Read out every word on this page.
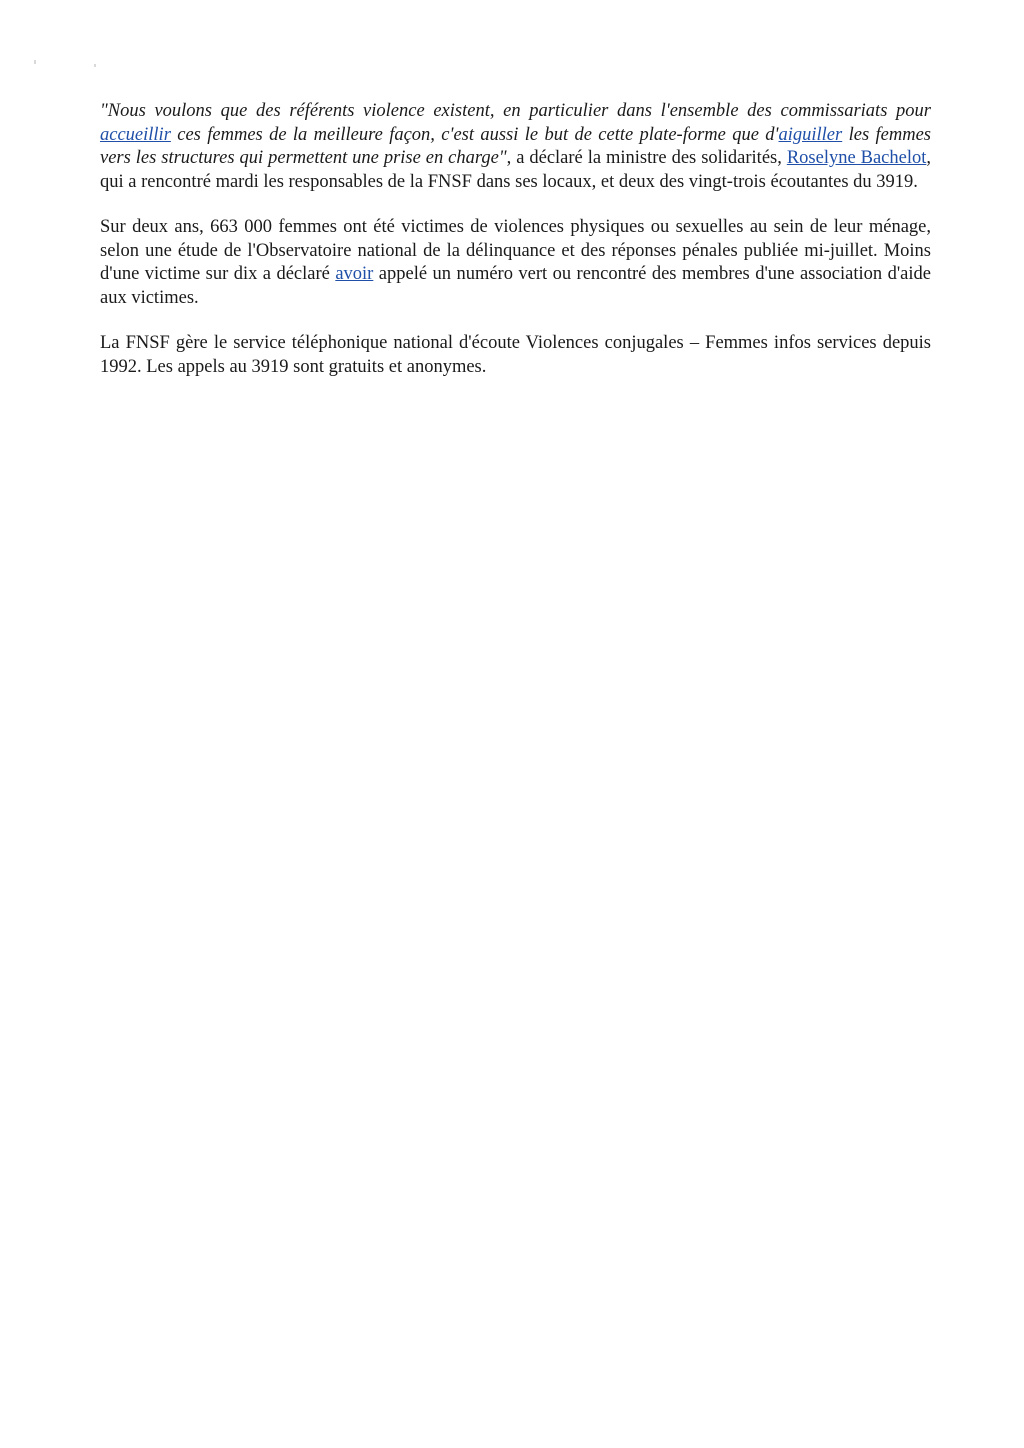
"Nous voulons que des référents violence existent, en particulier dans l'ensemble des commissariats pour accueillir ces femmes de la meilleure façon, c'est aussi le but de cette plate-forme que d'aiguiller les femmes vers les structures qui permettent une prise en charge", a déclaré la ministre des solidarités, Roselyne Bachelot, qui a rencontré mardi les responsables de la FNSF dans ses locaux, et deux des vingt-trois écoutantes du 3919.

Sur deux ans, 663 000 femmes ont été victimes de violences physiques ou sexuelles au sein de leur ménage, selon une étude de l'Observatoire national de la délinquance et des réponses pénales publiée mi-juillet. Moins d'une victime sur dix a déclaré avoir appelé un numéro vert ou rencontré des membres d'une association d'aide aux victimes.

La FNSF gère le service téléphonique national d'écoute Violences conjugales – Femmes infos services depuis 1992. Les appels au 3919 sont gratuits et anonymes.
